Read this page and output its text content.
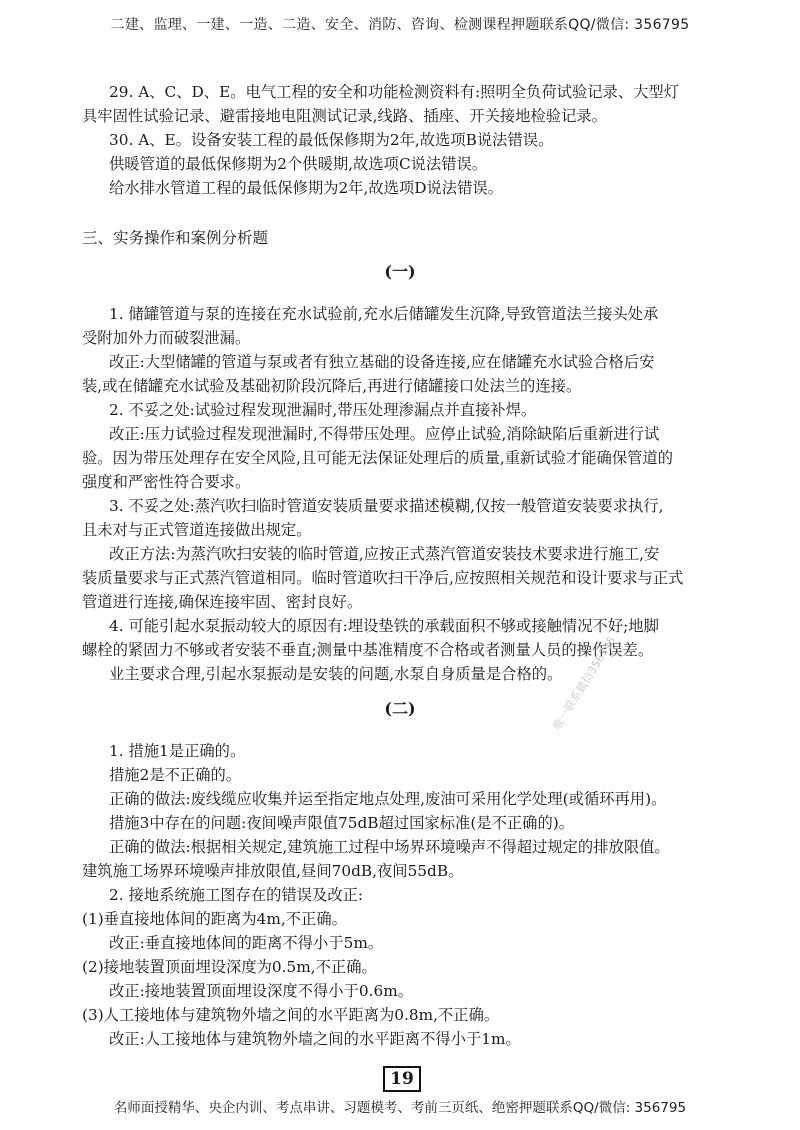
二建、监理、一建、一造、二造、安全、消防、咨询、检测课程押题联系QQ/微信: 356795
29. A、C、D、E。电气工程的安全和功能检测资料有:照明全负荷试验记录、大型灯
具牢固性试验记录、避雷接地电阻测试记录,线路、插座、开关接地检验记录。
30. A、E。设备安装工程的最低保修期为2年,故选项B说法错误。
供暖管道的最低保修期为2个供暖期,故选项C说法错误。
给水排水管道工程的最低保修期为2年,故选项D说法错误。
三、实务操作和案例分析题
(一)
1. 储罐管道与泵的连接在充水试验前,充水后储罐发生沉降,导致管道法兰接头处承
受附加外力而破裂泄漏。
改正:大型储罐的管道与泵或者有独立基础的设备连接,应在储罐充水试验合格后安
装,或在储罐充水试验及基础初阶段沉降后,再进行储罐接口处法兰的连接。
2. 不妥之处:试验过程发现泄漏时,带压处理渗漏点并直接补焊。
改正:压力试验过程发现泄漏时,不得带压处理。应停止试验,消除缺陷后重新进行试
验。因为带压处理存在安全风险,且可能无法保证处理后的质量,重新试验才能确保管道的
强度和严密性符合要求。
3. 不妥之处:蒸汽吹扫临时管道安装质量要求描述模糊,仅按一般管道安装要求执行,
且未对与正式管道连接做出规定。
改正方法:为蒸汽吹扫安装的临时管道,应按正式蒸汽管道安装技术要求进行施工,安
装质量要求与正式蒸汽管道相同。临时管道吹扫干净后,应按照相关规范和设计要求与正式
管道进行连接,确保连接牢固、密封良好。
4. 可能引起水泵振动较大的原因有:埋设垫铁的承载面积不够或接触情况不好;地脚
螺栓的紧固力不够或者安装不垂直;测量中基准精度不合格或者测量人员的操作误差。
业主要求合理,引起水泵振动是安装的问题,水泵自身质量是合格的。
(二)
1. 措施1是正确的。
措施2是不正确的。
正确的做法:废线缆应收集并运至指定地点处理,废油可采用化学处理(或循环再用)。
措施3中存在的问题:夜间噪声限值75dB超过国家标准(是不正确的)。
正确的做法:根据相关规定,建筑施工过程中场界环境噪声不得超过规定的排放限值。
建筑施工场界环境噪声排放限值,昼间70dB,夜间55dB。
2. 接地系统施工图存在的错误及改正:
(1)垂直接地体间的距离为4m,不正确。
改正:垂直接地体间的距离不得小于5m。
(2)接地装置顶面埋设深度为0.5m,不正确。
改正:接地装置顶面埋设深度不得小于0.6m。
(3)人工接地体与建筑物外墙之间的水平距离为0.8m,不正确。
改正:人工接地体与建筑物外墙之间的水平距离不得小于1m。
唯一联系微信356795
19
名师面授精华、央企内训、考点串讲、习题模考、考前三页纸、绝密押题联系QQ/微信: 356795
